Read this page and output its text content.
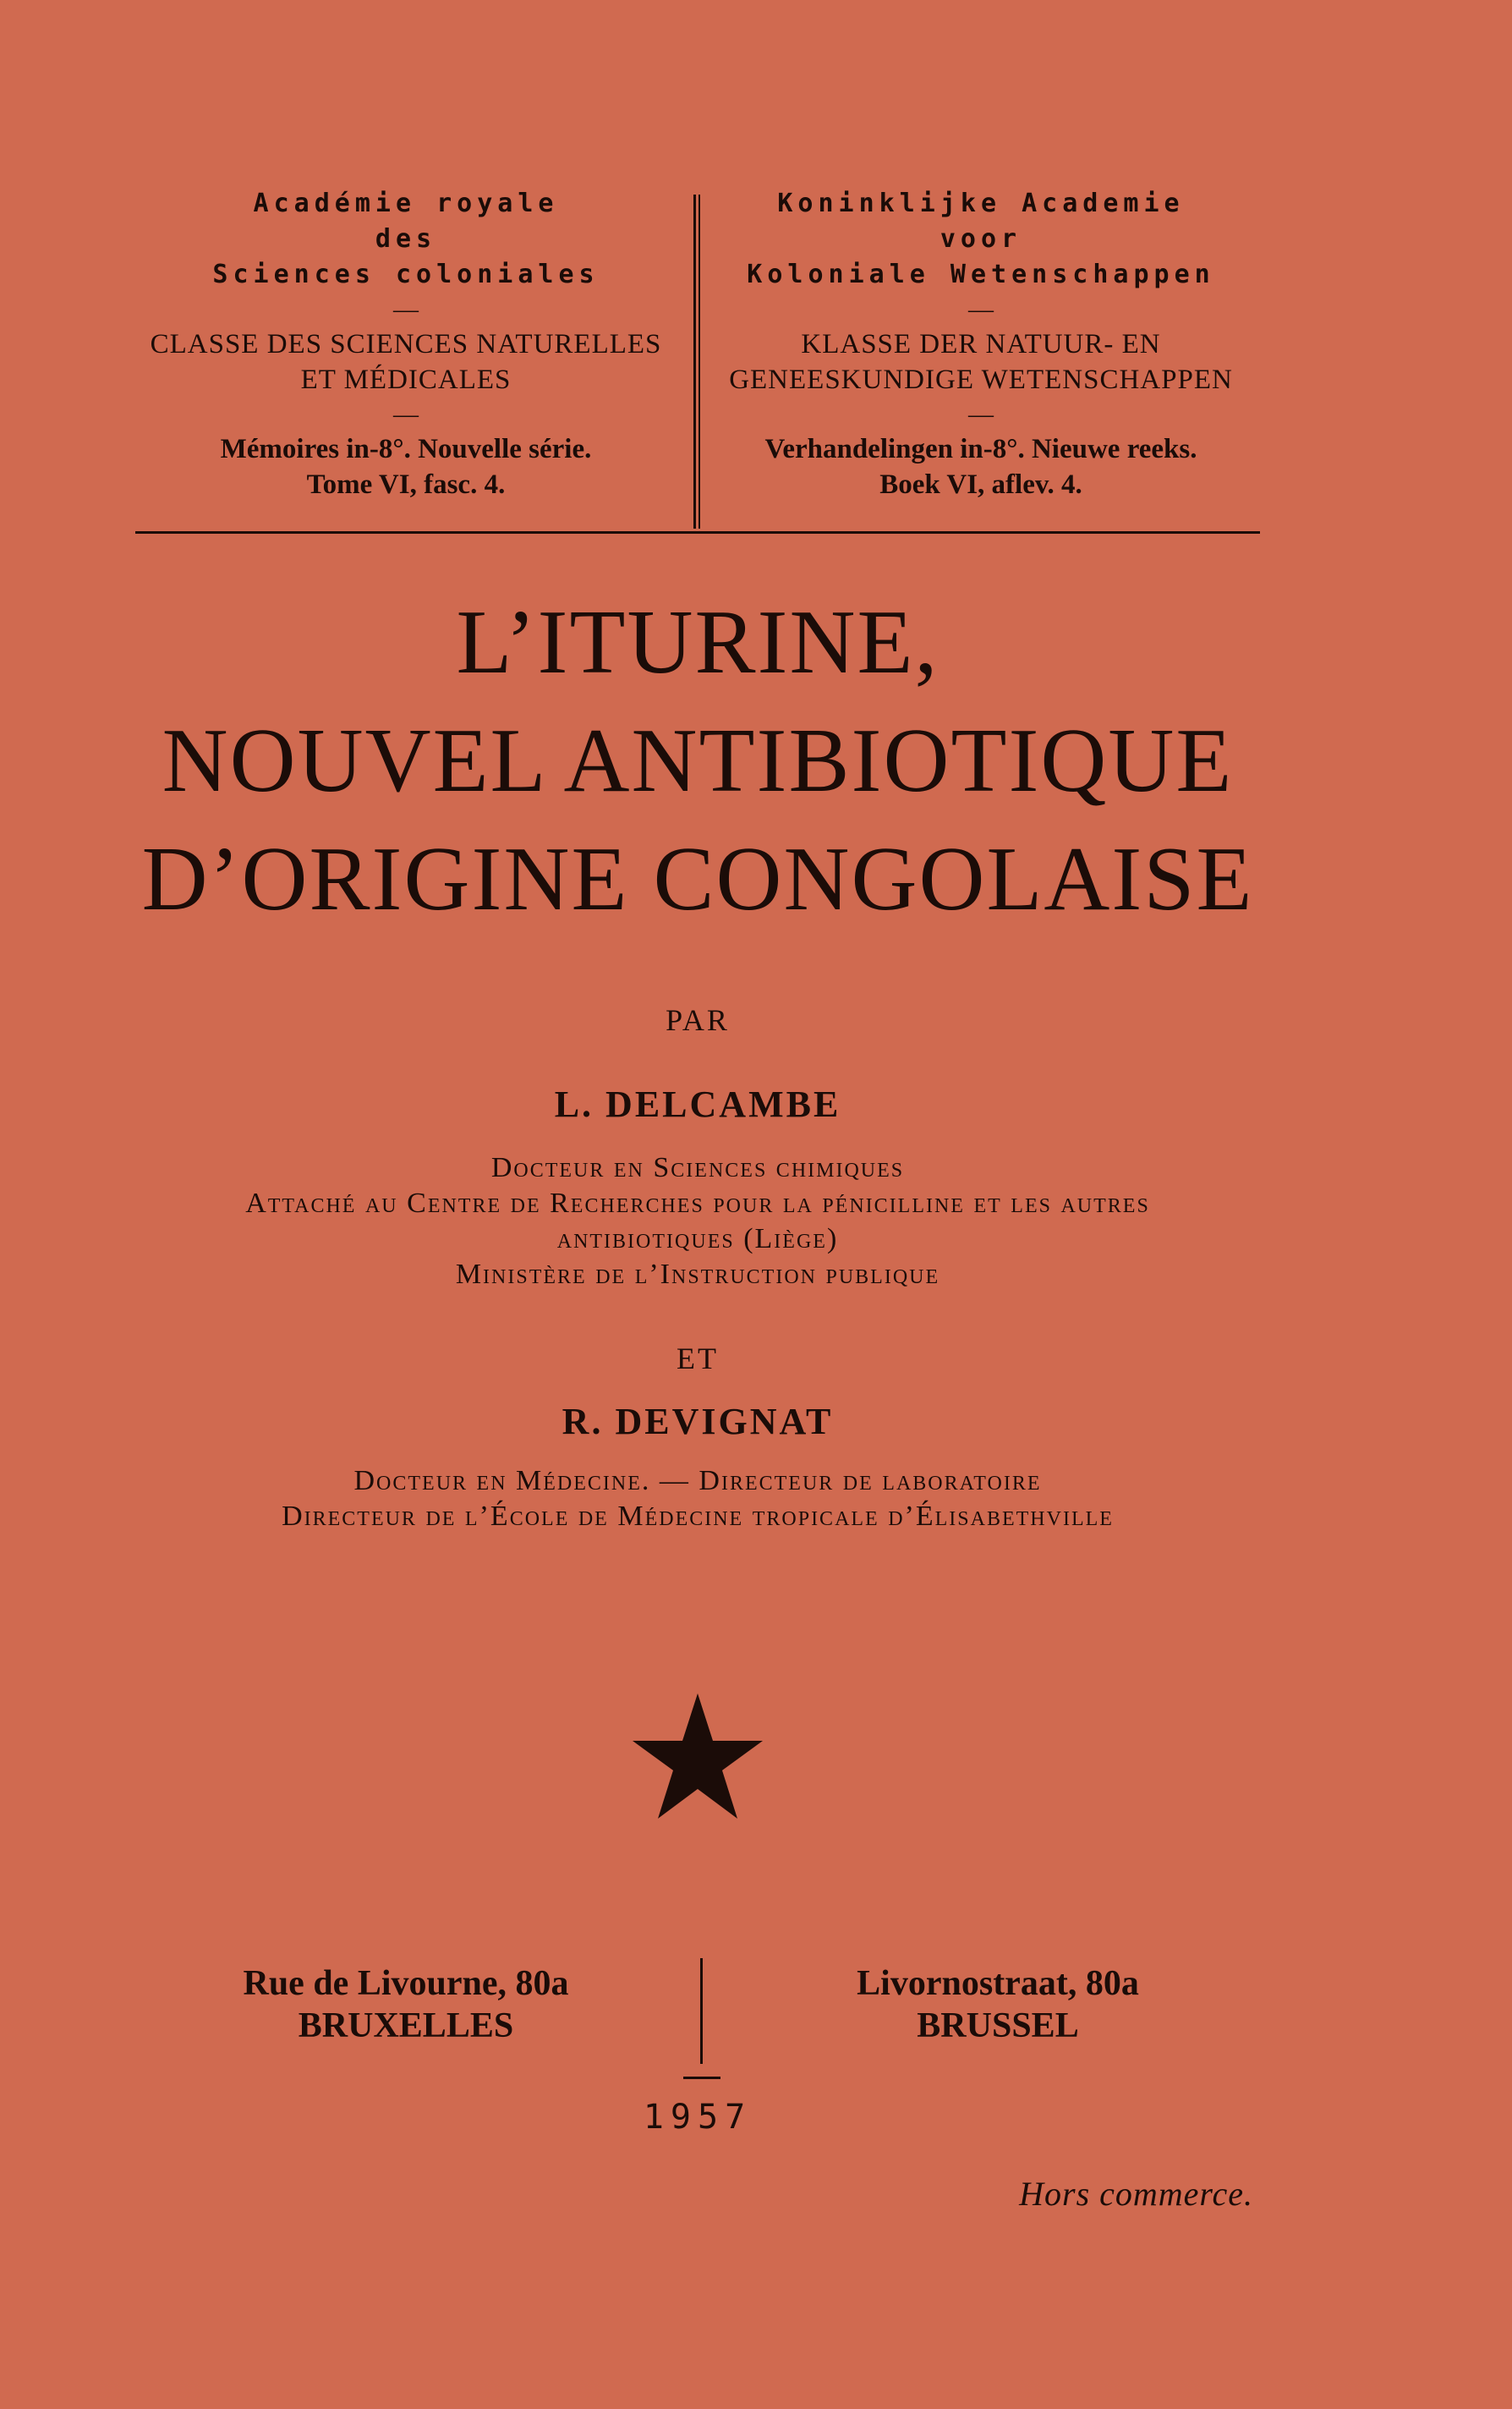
Académie royale
des
Sciences coloniales
—
CLASSE DES SCIENCES NATURELLES
ET MÉDICALES
—
Mémoires in-8°. Nouvelle série.
Tome VI, fasc. 4.
Koninklijke Academie
voor
Koloniale Wetenschappen
—
KLASSE DER NATUUR- EN
GENEESKUNDIGE WETENSCHAPPEN
—
Verhandelingen in-8°. Nieuwe reeks.
Boek VI, aflev. 4.
L’ITURINE,
NOUVEL ANTIBIOTIQUE
D’ORIGINE CONGOLAISE
PAR
L. DELCAMBE
Docteur en Sciences chimiques
Attaché au Centre de Recherches pour la pénicilline et les autres
antibiotiques (Liège)
Ministère de l’Instruction publique
ET
R. DEVIGNAT
Docteur en Médecine. — Directeur de laboratoire
Directeur de l’École de Médecine tropicale d’Élisabethville
Rue de Livourne, 80a
BRUXELLES
Livornostraat, 80a
BRUSSEL
1957
Hors commerce.
